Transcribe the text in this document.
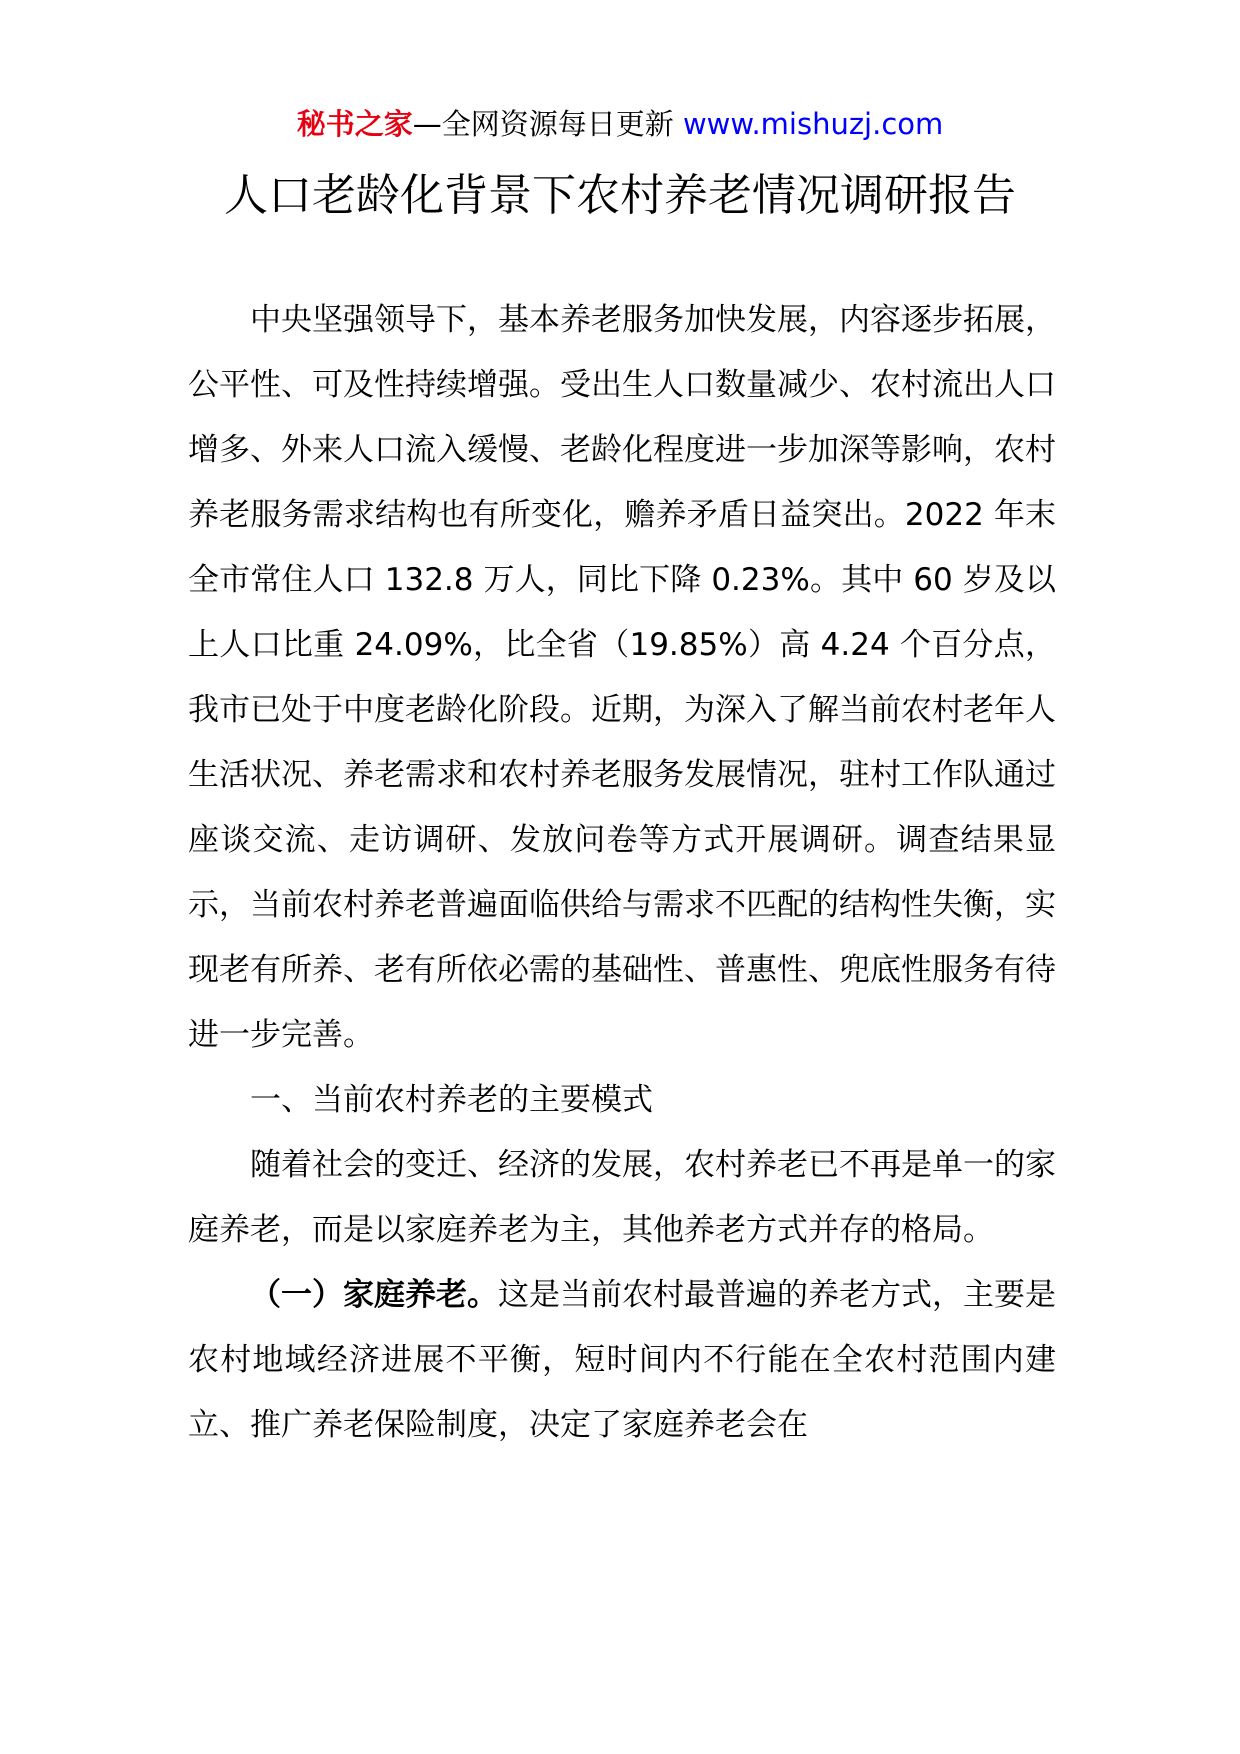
秘书之家—全网资源每日更新 www.mishuzj.com
人口老龄化背景下农村养老情况调研报告

中央坚强领导下，基本养老服务加快发展，内容逐步拓展，公平性、可及性持续增强。受出生人口数量减少、农村流出人口增多、外来人口流入缓慢、老龄化程度进一步加深等影响，农村养老服务需求结构也有所变化，赡养矛盾日益突出。2022 年末全市常住人口 132.8 万人，同比下降 0.23%。其中 60 岁及以上人口比重 24.09%，比全省（19.85%）高 4.24 个百分点，我市已处于中度老龄化阶段。近期，为深入了解当前农村老年人生活状况、养老需求和农村养老服务发展情况，驻村工作队通过座谈交流、走访调研、发放问卷等方式开展调研。调查结果显示，当前农村养老普遍面临供给与需求不匹配的结构性失衡，实现老有所养、老有所依必需的基础性、普惠性、兜底性服务有待进一步完善。

一、当前农村养老的主要模式

随着社会的变迁、经济的发展，农村养老已不再是单一的家庭养老，而是以家庭养老为主，其他养老方式并存的格局。

（一）家庭养老。这是当前农村最普遍的养老方式，主要是农村地域经济进展不平衡，短时间内不行能在全农村范围内建立、推广养老保险制度，决定了家庭养老会在
